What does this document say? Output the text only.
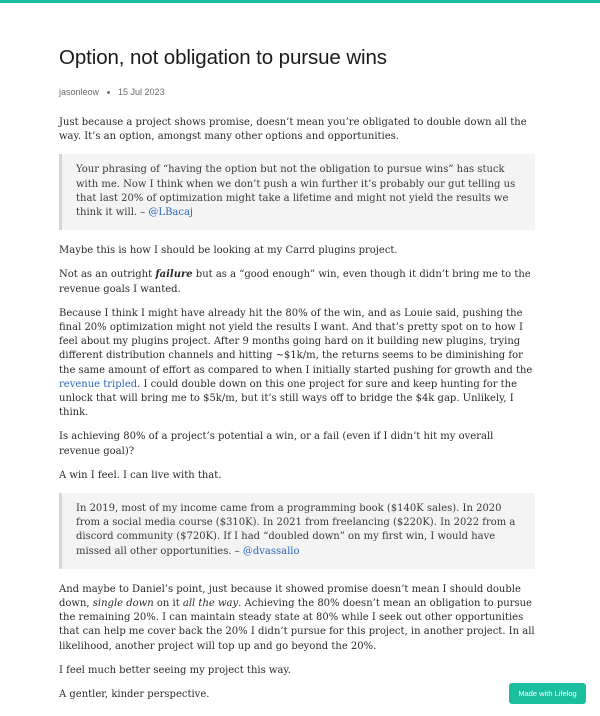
Option, not obligation to pursue wins
jasonleow 15 Jul 2023

Just because a project shows promise, doesn’t mean you’re obligated to double down all the way. It’s an option, amongst many other options and opportunities.

Your phrasing of “having the option but not the obligation to pursue wins” has stuck with me. Now I think when we don’t push a win further it’s probably our gut telling us that last 20% of optimization might take a lifetime and might not yield the results we think it will. – @LBacaj

Maybe this is how I should be looking at my Carrd plugins project.

Not as an outright failure but as a “good enough” win, even though it didn’t bring me to the revenue goals I wanted.

Because I think I might have already hit the 80% of the win, and as Louie said, pushing the final 20% optimization might not yield the results I want. And that’s pretty spot on to how I feel about my plugins project. After 9 months going hard on it building new plugins, trying different distribution channels and hitting ~$1k/m, the returns seems to be diminishing for the same amount of effort as compared to when I initially started pushing for growth and the revenue tripled. I could double down on this one project for sure and keep hunting for the unlock that will bring me to $5k/m, but it’s still ways off to bridge the $4k gap. Unlikely, I think.

Is achieving 80% of a project’s potential a win, or a fail (even if I didn’t hit my overall revenue goal)?

A win I feel. I can live with that.

In 2019, most of my income came from a programming book ($140K sales). In 2020 from a social media course ($310K). In 2021 from freelancing ($220K). In 2022 from a discord community ($720K). If I had “doubled down” on my first win, I would have missed all other opportunities. – @dvassallo

And maybe to Daniel’s point, just because it showed promise doesn’t mean I should double down, single down on it all the way. Achieving the 80% doesn’t mean an obligation to pursue the remaining 20%. I can maintain steady state at 80% while I seek out other opportunities that can help me cover back the 20% I didn’t pursue for this project, in another project. In all likelihood, another project will top up and go beyond the 20%.

I feel much better seeing my project this way.

A gentler, kinder perspective.	Made with Lifelog
